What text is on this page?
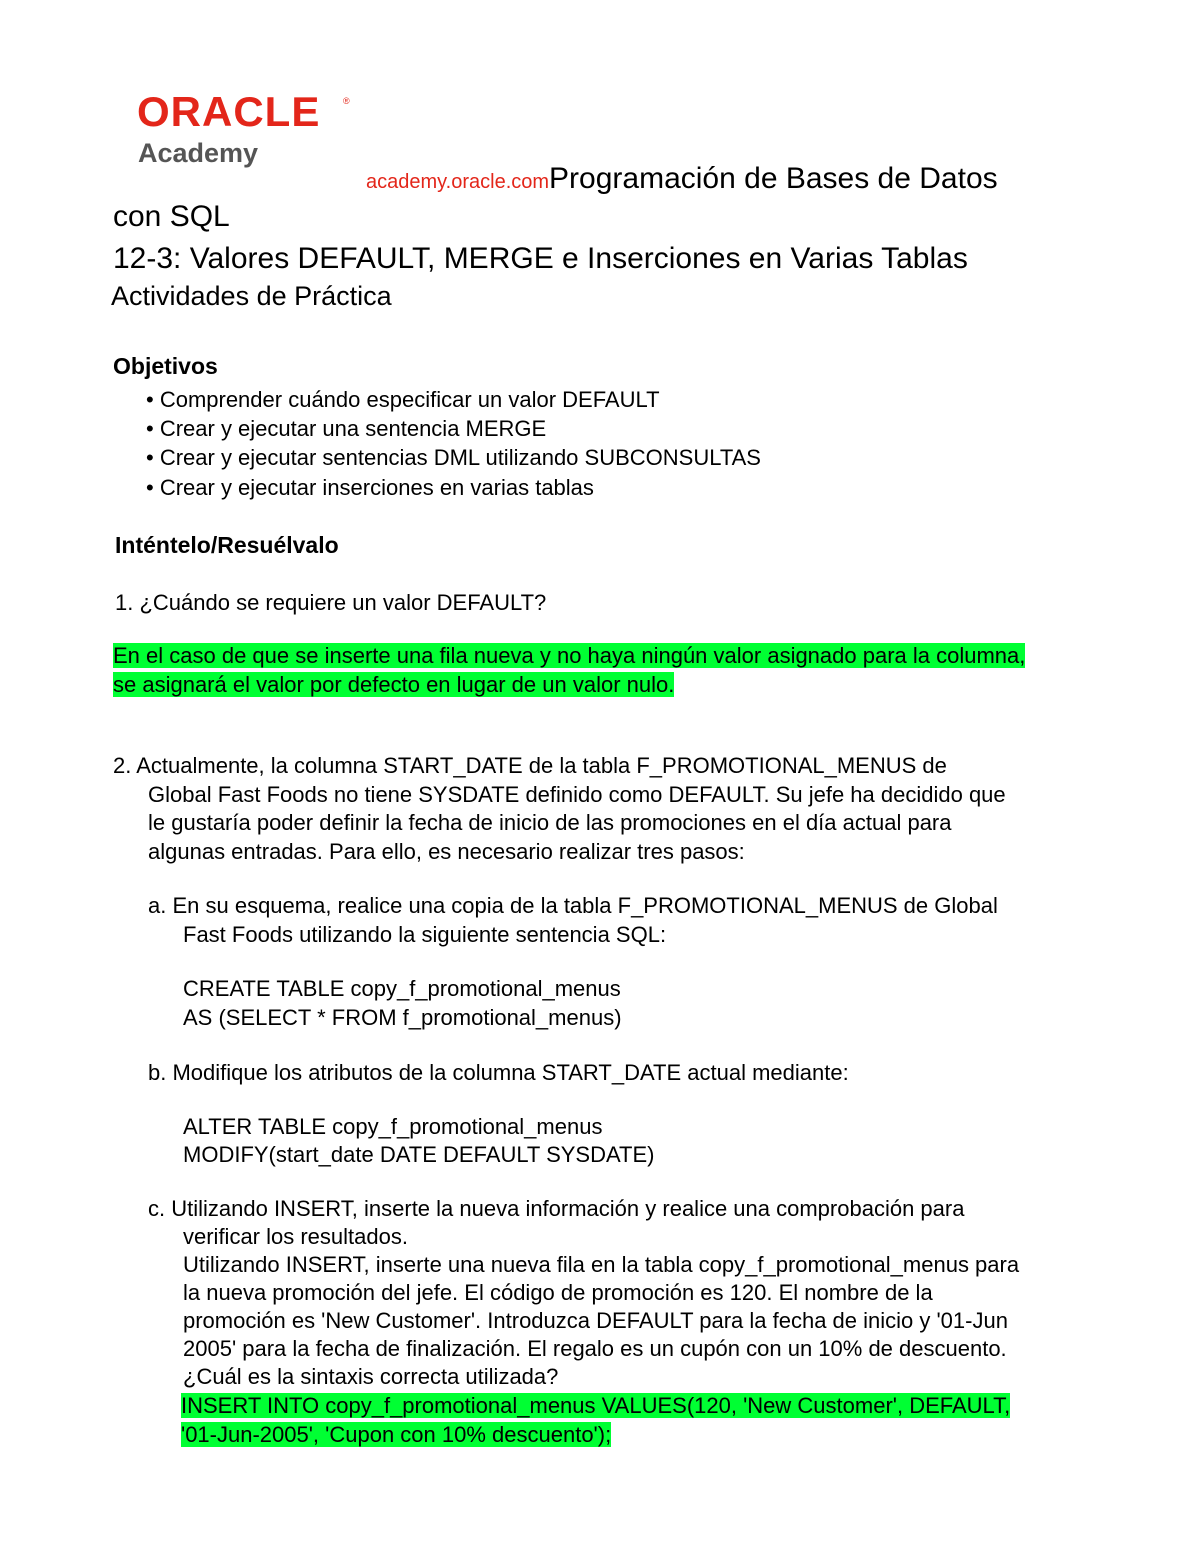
ORACLE	®
Academy
academy.oracle.comProgramación de Bases de Datos
con SQL
12-3: Valores DEFAULT, MERGE e Inserciones en Varias Tablas
Actividades de Práctica
Objetivos
• Comprender cuándo especificar un valor DEFAULT
• Crear y ejecutar una sentencia MERGE
• Crear y ejecutar sentencias DML utilizando SUBCONSULTAS
• Crear y ejecutar inserciones en varias tablas
Inténtelo/Resuélvalo
1. ¿Cuándo se requiere un valor DEFAULT?
En el caso de que se inserte una fila nueva y no haya ningún valor asignado para la columna,
se asignará el valor por defecto en lugar de un valor nulo.
2. Actualmente, la columna START_DATE de la tabla F_PROMOTIONAL_MENUS de
Global Fast Foods no tiene SYSDATE definido como DEFAULT. Su jefe ha decidido que
le gustaría poder definir la fecha de inicio de las promociones en el día actual para
algunas entradas. Para ello, es necesario realizar tres pasos:
a. En su esquema, realice una copia de la tabla F_PROMOTIONAL_MENUS de Global
Fast Foods utilizando la siguiente sentencia SQL:
CREATE TABLE copy_f_promotional_menus
AS (SELECT * FROM f_promotional_menus)
b. Modifique los atributos de la columna START_DATE actual mediante:
ALTER TABLE copy_f_promotional_menus
MODIFY(start_date DATE DEFAULT SYSDATE)
c. Utilizando INSERT, inserte la nueva información y realice una comprobación para
verificar los resultados.
Utilizando INSERT, inserte una nueva fila en la tabla copy_f_promotional_menus para
la nueva promoción del jefe. El código de promoción es 120. El nombre de la
promoción es 'New Customer'. Introduzca DEFAULT para la fecha de inicio y '01-Jun
2005' para la fecha de finalización. El regalo es un cupón con un 10% de descuento.
¿Cuál es la sintaxis correcta utilizada?
INSERT INTO copy_f_promotional_menus VALUES(120, 'New Customer', DEFAULT,
'01-Jun-2005', 'Cupon con 10% descuento');
